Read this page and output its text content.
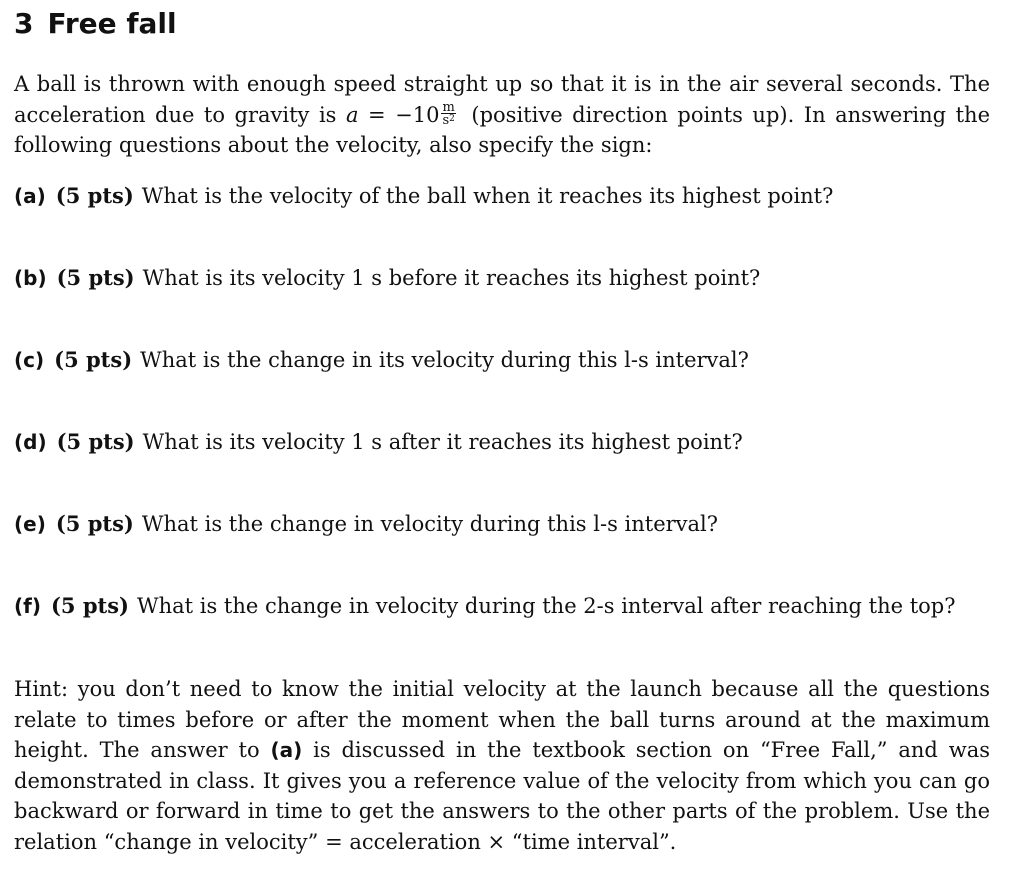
3 Free fall

A ball is thrown with enough speed straight up so that it is in the air several seconds. The acceleration due to gravity is $a = -10 \frac{m}{s^2}$ (positive direction points up). In answering the following questions about the velocity, also specify the sign:

(a) (5 pts) What is the velocity of the ball when it reaches its highest point?

(b) (5 pts) What is its velocity 1 s before it reaches its highest point?

(c) (5 pts) What is the change in its velocity during this l-s interval?

(d) (5 pts) What is its velocity 1 s after it reaches its highest point?

(e) (5 pts) What is the change in velocity during this l-s interval?

(f) (5 pts) What is the change in velocity during the 2-s interval after reaching the top?

Hint: you don’t need to know the initial velocity at the launch because all the questions relate to times before or after the moment when the ball turns around at the maximum height. The answer to (a) is discussed in the textbook section on “Free Fall,” and was demonstrated in class. It gives you a reference value of the velocity from which you can go backward or forward in time to get the answers to the other parts of the problem. Use the relation “change in velocity” = acceleration × “time interval”.
